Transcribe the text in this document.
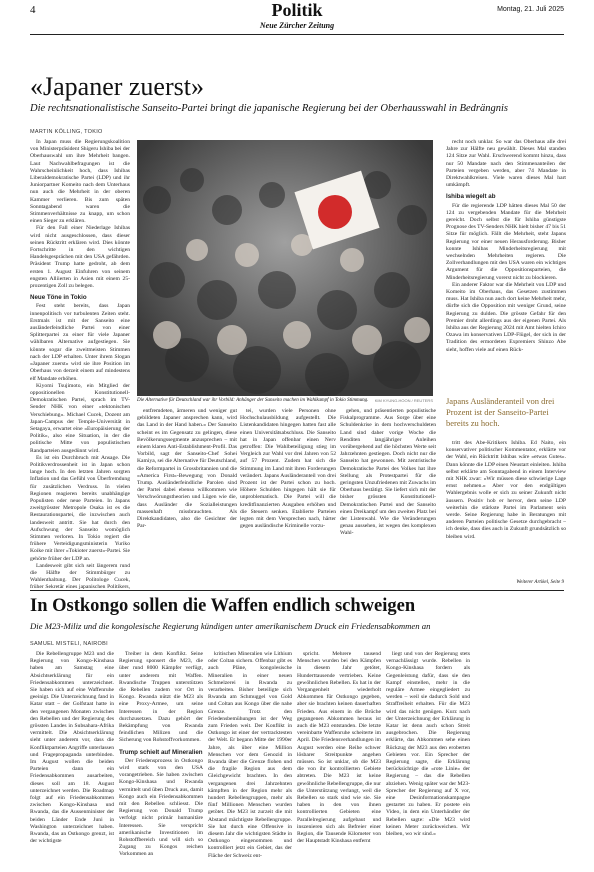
4	Politik
Neue Zürcher Zeitung
Montag, 21. Juli 2025
«Japaner zuerst»
Die rechtsnationalistische Sanseito-Partei bringt die japanische Regierung bei der Oberhausswahl in Bedrängnis
MARTIN KÖLLING, TOKIO

In Japan muss die Regierungskoalition von Ministerpräsident Shigeru Ishiba bei der Oberhauswahl um ihre Mehrheit bangen. Laut Nachwahlbefragungen ist die Wahrscheinlichkeit hoch, dass Ishibas Liberaldemokratische Partei (LDP) und ihr Juniorpartner Komeito nach dem Unterhaus nun auch die Mehrheit in der oberen Kammer verlieren. Bis zum späten Sonntagabend waren die Stimmenverhältnisse zu knapp, um schon einen Sieger zu erklären.

Für den Fall einer Niederlage Ishibas wird nicht ausgeschlossen, dass dieser seinen Rücktritt erklären wird. Dies könnte Fortschritte in den wichtigen Handelsgesprächen mit den USA gefährden. Präsident Trump hatte gedroht, ab dem ersten 1. August Einfuhren von seinem engsten Alliierten in Asien mit einem 25-prozentigen Zoll zu belegen.

Neue Töne in Tokio

Fest steht bereits, dass Japan innenpolitisch vor turbulenten Zeiten steht. Erstmals ist mit der Sanseito eine ausländerfeindliche Partei von einer Splitterpartei zu einer für viele Japaner wählbaren Alternative aufgestiegen. Sie könnte sogar die zweitmeisten Stimmen nach der LDP erhalten. Unter ihrem Slogan «Japaner zuerst» wird sie ihre Position im Oberhaus von derzeit einem auf mindestens elf Mandate erhöhen.

Kiyomi Tsujimoto, ein Mitglied der oppositionellen Konstitutionell-Demokratischen Partei, sprach im TV-Sender NHK von einer «tektonischen Verschiebung». Michael Cucek, Dozent am Japan-Campus der Temple-Universität in Setagaya, erwartet eine «Europäisierung der Politik», also eine Situation, in der die politische Mitte von populistischen Randparteien ausgedünnt wird.

Es ist ein Durchbruch mit Ansage. Die Politikverdrossenheit ist in Japan schon lange hoch. In den letzten Jahren sorgten Inflation und das Gefühl von Überfremdung für zusätzlichen Verdruss. In vielen Regionen reagieren bereits unabhängige Populisten oder neue Parteien. In Japans zweitgrösster Metropole Osaka ist es die Restaurationspartei, die inzwischen auch landesweit antritt. Sie hat durch den Aufschwung der Sanseito womöglich Stimmen verloren. In Tokio regiert die frühere Verteidigungsministerin Yuriko Koike mit ihrer «Tokioter zuerst»-Partei. Sie gehörte früher der LDP an.

Landesweit gibt sich seit längerem rund die Hälfte der Stimmbürger zu Wahlenthaltung. Der Politologe Cucek, früher Sekretär eines japanischen Politikers,

Die Alternative für Deutschland war ihr Vorbild: Anhänger der Sanseito machen im Wahlkampf in Tokio Stimmung.	KIM KYUNG-HOON / REUTERS

recht noch unklar. So war das Oberhaus alle drei Jahre zur Hälfte neu gewählt. Dieses Mal standen 124 Sitze zur Wahl. Erschwerend kommt hinzu, dass nur 50 Mandate nach den Stimmenanteilen der Parteien vergeben werden, aber 74 Mandate in Direktwahlkreisen. Viele waren dieses Mal hart umkämpft.

Ishiba wiegelt ab

Für die regierende LDP hätten dieses Mal 50 der 124 zu vergebenden Mandate für die Mehrheit gereicht. Doch selbst die für Ishiba günstigste Prognose des TV-Senders NHK hielt bisher 47 bis 51 Sitze für möglich. Fällt die Mehrheit, steht Japans Regierung vor einer neuen Herausforderung. Bisher konnte Ishibas Minderheitsregierung mit wechselnden Mehrheiten regieren. Die Zollverhandlungen mit den USA waren ein wichtiges Argument für die Oppositionsparteien, die Minderheitsregierung vorerst nicht zu blockieren.

Ein anderer Faktor war die Mehrheit von LDP und Komeito im Oberhaus, das Gesetzen zustimmen muss. Hat Ishiba nun auch dort keine Mehrheit mehr, dürfte sich die Opposition mit weniger Grund, seine Regierung zu dulden. Die grösste Gefahr für den Premier droht allerdings aus der eigenen Partei. Als Ishiba aus der Regierung 2024 mit Amt hielten Ichiro Ozawa im konservativen LDP-Flügel, der sich in der Tradition des ermordeten Expremiers Shinzo Abe sieht, hoffen viele auf einen Rück-

Japans Ausländeranteil von drei Prozent ist der Sanseito-Partei bereits zu hoch.

entfremdeten, ärmeren und weniger gut gebildeten Japaner ansprechen kann, wird das Land in der Hand haben.» Der Sanseito scheint es im Gegensatz zu gelingen, diese Bevölkerungssegmente anzusprechen – mit einem klaren Anti-Establishment-Profil. Das Vorbild, sagt der Sanseito-Chef Sohei Kamiya, sei die Alternative für Deutschland, die Reformpartei in Grossbritannien und die «America First»-Bewegung von Donald Trump. Ausländerfeindliche Parolen sind der Partei dabei ebenso willkommen wie Verschwörungstheorien und Lügen wie die, dass Ausländer die Sozialleistungen massenhaft missbrauchten. Als Direktkandidaten, also die Gesichter der Par-

tei, wurden viele Personen ohne Hochschulausbildung aufgestellt. Die Listenkandidaten hingegen hatten fast alle einen Universitätsabschluss. Die Sanseito hat in Japan offenbar einen Nerv getroffen: Die Wahlbeteiligung stieg im Vergleich zur Wahl vor drei Jahren von 52 auf 57 Prozent. Zudem hat sich die Stimmung im Land mit ihren Forderungen verändert. Japans Ausländeranteil von drei Prozent ist der Partei schon zu hoch. Höhere Schulden hingegen hält sie für unproblematisch. Die Partei will die kreditfinanzierten Ausgaben erhöhen und die Steuern senken. Etablierte Parteien legten mit dem Versprechen nach, härter gegen ausländische Kriminelle vorzu-

gehen, und präsentierten populistische Fiskalprogramme. Aus Sorge über eine Schuldenkrise in dem hochverschuldeten Land sind daher vorige Woche die Renditen langjähriger Anleihen vorübergehend auf die höchsten Werte seit Jahrzehnten gestiegen. Doch nicht nur die Sanseito hat gewonnen. Mit zentristische Demokratische Partei des Volkes hat ihre Stellung als Protestpartei für die geringsten Unzufriedenen mit Zuwachs im Oberhaus bestätigt. Sie liefert sich mit der bisher grössten Konstitutionell-Demokratischen Partei und der Sanseito einen Dreikampf um den zweiten Platz bei der Listenwahl. Wie die Veränderungen genau aussehen, ist wegen des komplexen Wahl-

tritt des Abe-Kritikers Ishiba. Ed Naito, ein konservativer politischer Kommentator, erklärte vor der Wahl, ein Rücktritt Ishibas wäre «etwas Gutes». Dann könnte die LDP einen Neustart einleiten. Ishiba selbst erklärte am Sonntagabend in einem Interview mit NHK zwar: «Wir müssen diese schwierige Lage ernst nehmen.» Aber vor den endgültigen Wahlergebnis wolle er sich zu seiner Zukunft nicht äussern. Positiv hob er hervor, dem seine LDP weiterhin die stärkste Partei im Parlament sein werde. Seine Regierung habe in Beratungen mit anderen Parteien politische Gesetze durchgebracht – ich denke, dass dies auch in Zukunft grundsätzlich so bleiben wird.

Weiterer Artikel, Seite 9
In Ostkongo sollen die Waffen endlich schweigen
Die M23-Miliz und die kongolesische Regierung kündigen unter amerikanischem Druck ein Friedensabkommen an
SAMUEL MISTELI, NAIROBI

Die Rebellengruppe M23 und die Regierung von Kongo-Kinshasa haben am Samstag eine Absichtserklärung für ein Friedensabkommen unterzeichnet. Sie haben sich auf eine Waffenruhe geeinigt. Die Unterzeichnung fand in Katar statt – der Golfstaat hatte in den vergangenen Monaten zwischen den Rebellen und der Regierung des grössten Landes in Subsahara-Afrika vermittelt. Die Absichtserklärung sieht unter anderem vor, dass die Konfliktparteien Angriffe unterlassen und Fragepropaganda unterbinden. Im August wollen die beiden Parteien dann ein Friedensabkommen ausarbeiten, dieses soll am 18. August unterzeichnet werden. Die Roadmap folgt auf ein Friedensabkommen zwischen Kongo-Kinshasa und Rwanda, das die Aussenminister der beiden Länder Ende Juni in Washington unterzeichnet haben. Rwanda, das an Ostkongo grenzt, ist der wichtigste

Treiber in dem Konflikt. Seine Regierung sponsert die M23, die über rund 8000 Kämpfer verfügt, unter anderem mit Waffen. Rwandische Truppen unterstützen die Rebellen zudem vor Ort in Kongo. Rwanda nützt die M23 als eine Proxy-Armee, um seine Interessen in der Region durchzusetzen. Dazu gehört der Bekämpfung von Rwanda feindlichen Milizen und die Sicherung von Rohstoffvorkommen.

Trump schielt auf Mineralien

Der Friedensprozess in Ostkongo wird stark von den USA vorangetrieben. Sie haben zwischen Kongo-Kinshasa und Rwanda vermittelt und üben Druck aus, damit Kongo auch ein Friedensabkommen mit den Rebellen schliesst. Die Regierung von Donald Trump verfolgt nicht primär humanitäre Interessen. Sie verspricht amerikanische Investitionen im Rohstoffbereich und will sich so Zugang zu Kongos reichen Vorkommen an

kritischen Mineralien wie Lithium oder Coltan sichern. Offenbar gibt es auch Pläne, kongolesische Mineralien in einer neuen Schmelzerei in Rwanda zu verarbeiten. Bisher beteiligte sich Rwanda am Schmuggel von Gold und Coltan aus Kongo über die nahe Grenze. Trotz den Friedensbemühungen ist der Weg zum Frieden weit. Der Konflikt in Ostkongo ist einer der vertracktesten der Welt. Er begann Mitte der 1990er Jahre, als über eine Million Menschen vor dem Genozid in Rwanda über die Grenze flohen und die fragile Region aus dem Gleichgewicht brachten. In den vergangenen drei Jahrzehnten kämpften in der Region mehr als hundert Rebellengruppen, mehr als fünf Millionen Menschen wurden getötet. Die M23 ist zurzeit die mit Abstand mächtigste Rebellengruppe. Sie hat durch eine Offensive in diesem Jahr die wichtigsten Städte in Ostkongo eingenommen und kontrolliert jetzt ein Gebiet, das der Fläche der Schweiz ent-

spricht. Mehrere tausend Menschen wurden bei den Kämpfen in diesem Jahr getötet, Hunderttausende vertrieben. Keine gewöhnlichen Rebellen. Es hat in der Vergangenheit wiederholt Abkommen für Ostkongo gegeben, aber sie brachten keinen dauerhaften Frieden. Aus einem in die Brüche gegangenen Abkommen heraus ist auch die M23 entstanden. Die letzte vereinbarte Waffenruhe scheiterte im April. Die Friedensverhandlungen im August werden eine Reihe schwer lösbarer Streitpunkte angehen müssen. So ist unklar, ob die M23 die von ihr kontrollierten Gebiete abtreten. Die M23 ist keine gewöhnliche Rebellengruppe, die nur die Unterstützung verlangt, weil die Rebellen so stark sind wie sie. Sie haben in den von ihnen kontrollierten Gebieten eine Parallelregierung aufgebaut und inszenieren sich als Befreier einer Region, die Tausende Kilometer von der Hauptstadt Kinshasa entfernt

liegt und von der Regierung stets vernachlässigt wurde. Rebellen in Kongo-Kinshasa fordern als Gegenleistung dafür, dass sie den Kampf einstellen, mehr in die reguläre Armee eingegliedert zu werden – weil sie dadurch Sold und Straffreiheit erhalten. Für die M23 wird das nicht genügen. Kurz nach der Unterzeichnung der Erklärung in Katar ist denn auch schon Streit ausgebrochen. Die Regierung erklärte, das Abkommen sehe einen Rückzug der M23 aus den eroberten Gebieten vor. Ein Sprecher der Regierung sagte, die Erklärung berücksichtige die «rote Linie» der Regierung – das die Rebellen abziehen. Wenig später war der M23-Sprecher der Regierung auf X vor, eine Desinformationskampagne gestartet zu haben. Er postete ein Video, in dem ein Unterhändler der Rebellen sagte: «Die M23 wird keinen Meter zurückweichen. Wir bleiben, wo wir sind.»
